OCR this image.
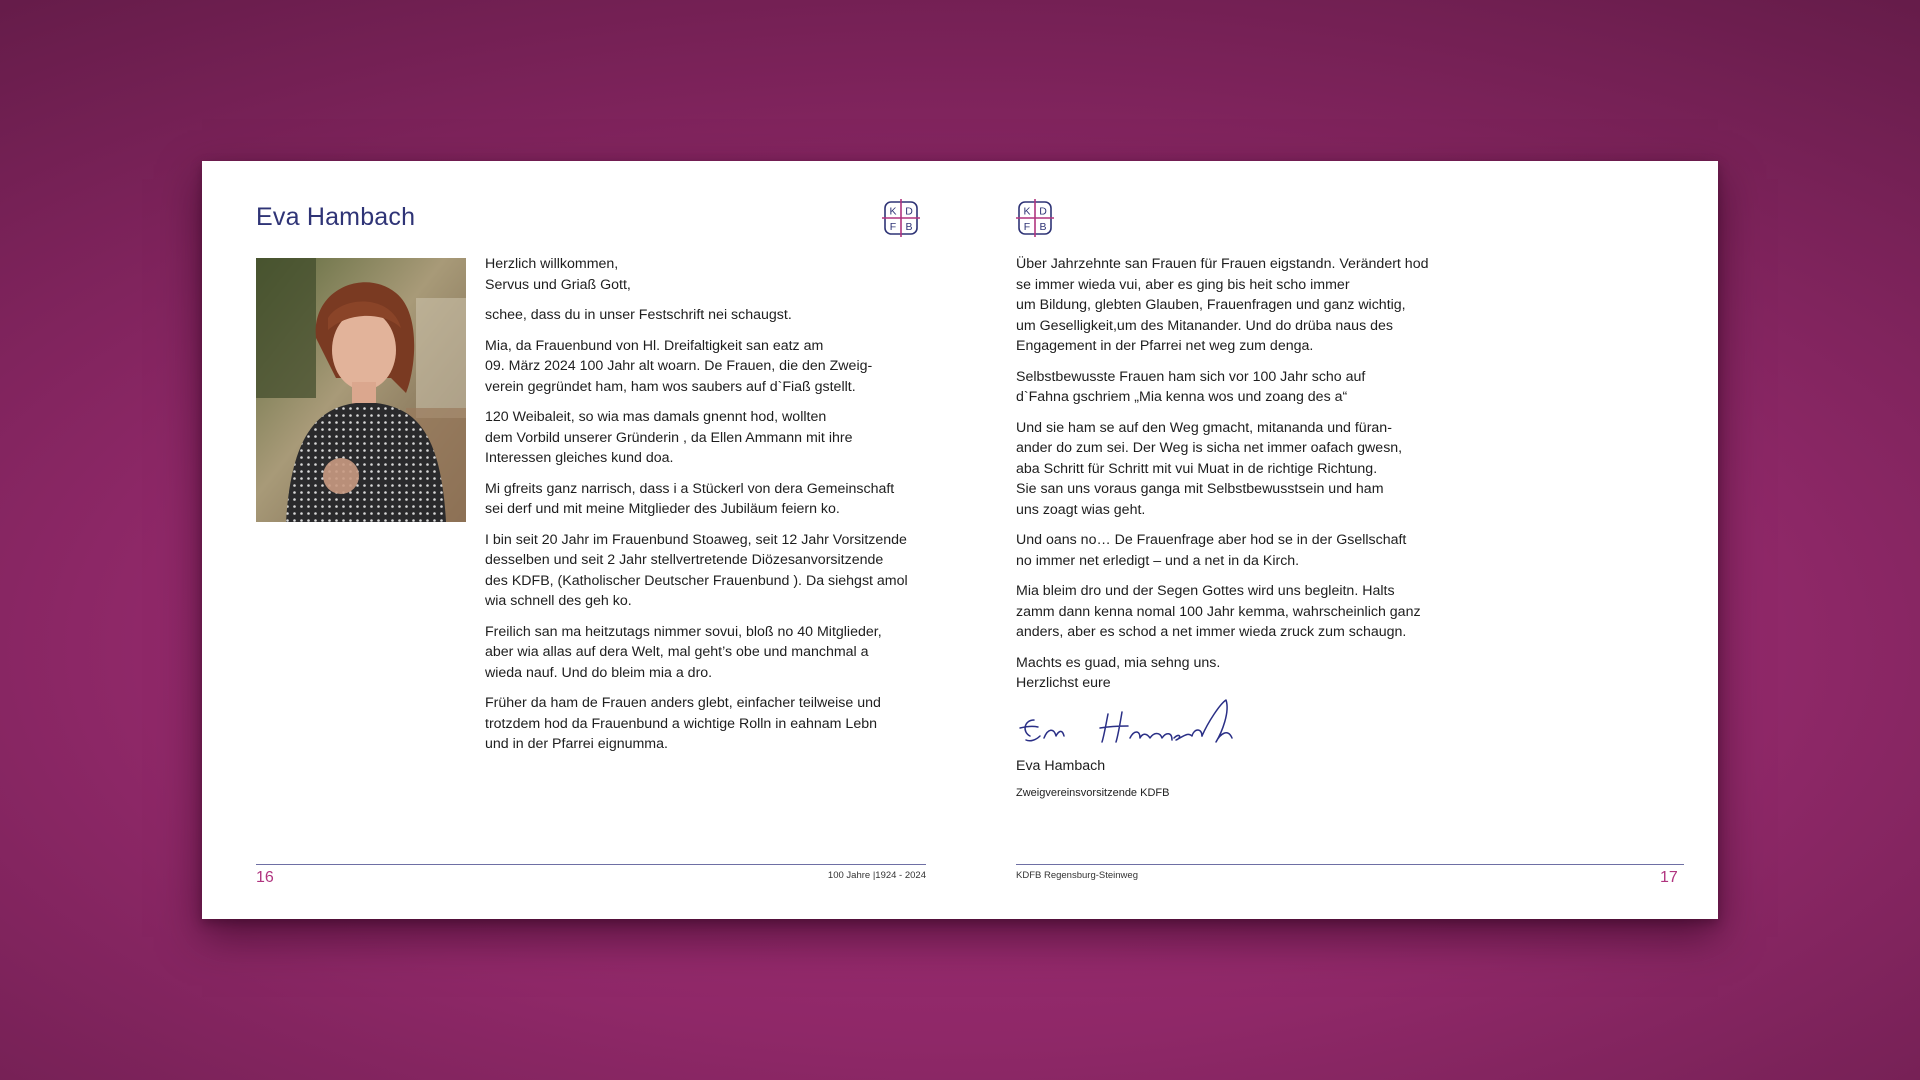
Eva Hambach	K D
F B

Herzlich willkommen,
Servus und Griaß Gott,

schee, dass du in unser Festschrift nei schaugst.

Mia, da Frauenbund von Hl. Dreifaltigkeit san eatz am
09. März 2024 100 Jahr alt woarn. De Frauen, die den Zweig-
verein gegründet ham, ham wos saubers auf d`Fiaß gstellt.

120 Weibaleit, so wia mas damals gnennt hod, wollten
dem Vorbild unserer Gründerin , da Ellen Ammann mit ihre
Interessen gleiches kund doa.

Mi gfreits ganz narrisch, dass i a Stückerl von dera Gemeinschaft
sei derf und mit meine Mitglieder des Jubiläum feiern ko.

I bin seit 20 Jahr im Frauenbund Stoaweg, seit 12 Jahr Vorsitzende
desselben und seit 2 Jahr stellvertretende Diözesanvorsitzende
des KDFB, (Katholischer Deutscher Frauenbund ). Da siehgst amol
wia schnell des geh ko.

Freilich san ma heitzutags nimmer sovui, bloß no 40 Mitglieder,
aber wia allas auf dera Welt, mal geht’s obe und manchmal a
wieda nauf. Und do bleim mia a dro.

Früher da ham de Frauen anders glebt, einfacher teilweise und
trotzdem hod da Frauenbund a wichtige Rolln in eahnam Lebn
und in der Pfarrei eignumma.

16	100 Jahre |1924 - 2024
K D
F B

Über Jahrzehnte san Frauen für Frauen eigstandn. Verändert hod
se immer wieda vui, aber es ging bis heit scho immer
um Bildung, glebten Glauben, Frauenfragen und ganz wichtig,
um Geselligkeit,um des Mitanander. Und do drüba naus des
Engagement in der Pfarrei net weg zum denga.

Selbstbewusste Frauen ham sich vor 100 Jahr scho auf
d`Fahna gschriem „Mia kenna wos und zoang des a“

Und sie ham se auf den Weg gmacht, mitananda und füran-
ander do zum sei. Der Weg is sicha net immer oafach gwesn,
aba Schritt für Schritt mit vui Muat in de richtige Richtung.
Sie san uns voraus ganga mit Selbstbewusstsein und ham
uns zoagt wias geht.

Und oans no… De Frauenfrage aber hod se in der Gsellschaft
no immer net erledigt – und a net in da Kirch.

Mia bleim dro und der Segen Gottes wird uns begleitn. Halts
zamm dann kenna nomal 100 Jahr kemma, wahrscheinlich ganz
anders, aber es schod a net immer wieda zruck zum schaugn.

Machts es guad, mia sehng uns.
Herzlichst eure

Eva Hambach

Eva Hambach

Zweigvereinsvorsitzende KDFB

KDFB Regensburg-Steinweg	17
